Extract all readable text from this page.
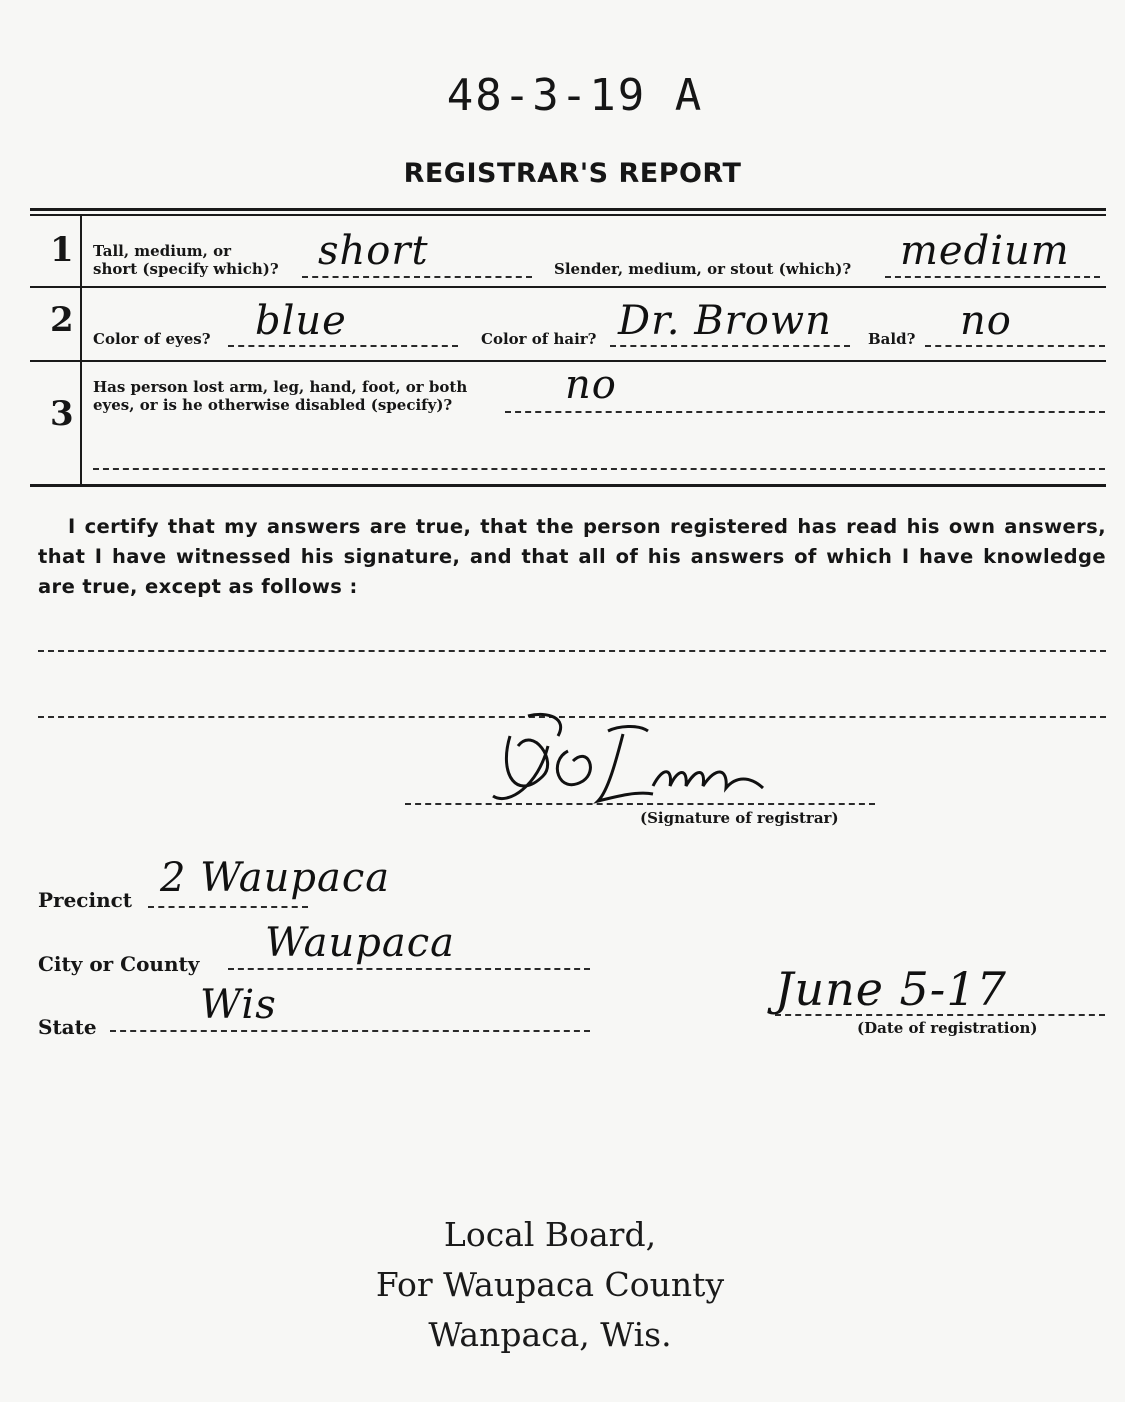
48-3-19 A
REGISTRAR'S REPORT
1 Tall, medium, or
short (specify which)? short	Slender, medium, or stout (which)? medium
2 Color of eyes? blue	Color of hair? Dr. Brown Bald? no
3
Has person lost arm, leg, hand, foot, or both
eyes, or is he otherwise disabled (specify)?	no
I certify that my answers are true, that the person registered has read his own answers, that I have witnessed his signature, and that all of his answers of which I have knowledge are true, except as follows :
(Signature of registrar)
Precinct 2 Waupaca
City or County Waupaca
State	Wis	June 5-17
(Date of registration)
Local Board,
For Waupaca County
Wanpaca, Wis.
